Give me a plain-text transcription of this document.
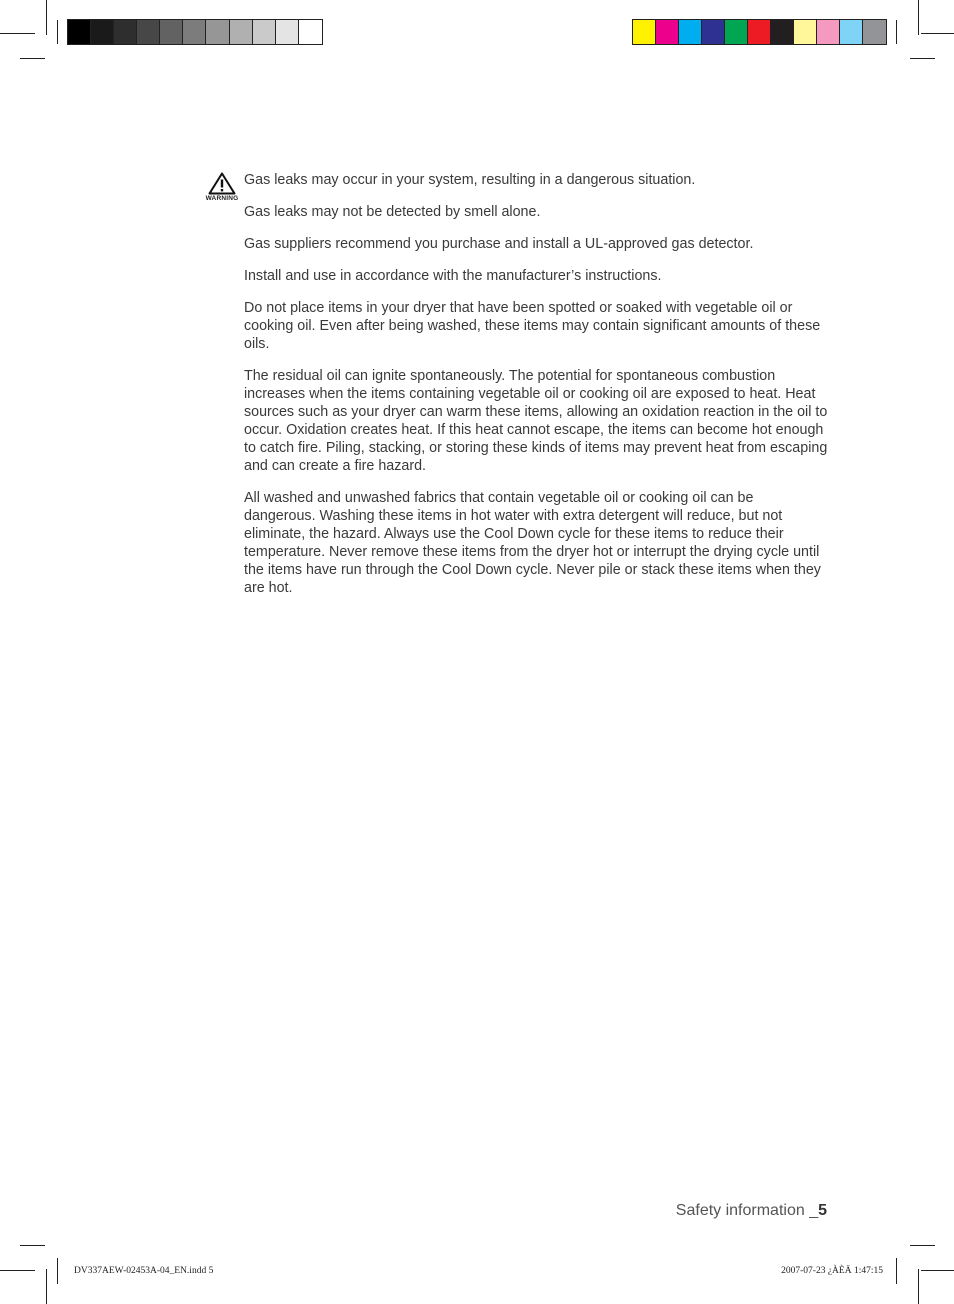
WARNING

Gas leaks may occur in your system, resulting in a dangerous situation.

Gas leaks may not be detected by smell alone.

Gas suppliers recommend you purchase and install a UL-approved gas detector.

Install and use in accordance with the manufacturer’s instructions.

Do not place items in your dryer that have been spotted or soaked with vegetable oil or cooking oil. Even after being washed, these items may contain significant amounts of these oils.

The residual oil can ignite spontaneously. The potential for spontaneous combustion increases when the items containing vegetable oil or cooking oil are exposed to heat. Heat sources such as your dryer can warm these items, allowing an oxidation reaction in the oil to occur. Oxidation creates heat. If this heat cannot escape, the items can become hot enough to catch fire. Piling, stacking, or storing these kinds of items may prevent heat from escaping and can create a fire hazard.

All washed and unwashed fabrics that contain vegetable oil or cooking oil can be dangerous. Washing these items in hot water with extra detergent will reduce, but not eliminate, the hazard. Always use the Cool Down cycle for these items to reduce their temperature. Never remove these items from the dryer hot or interrupt the drying cycle until the items have run through the Cool Down cycle. Never pile or stack these items when they are hot.

Safety information _5
DV337AEW-02453A-04_EN.indd 5	2007-07-23 ¿ÀÈÄ 1:47:15
